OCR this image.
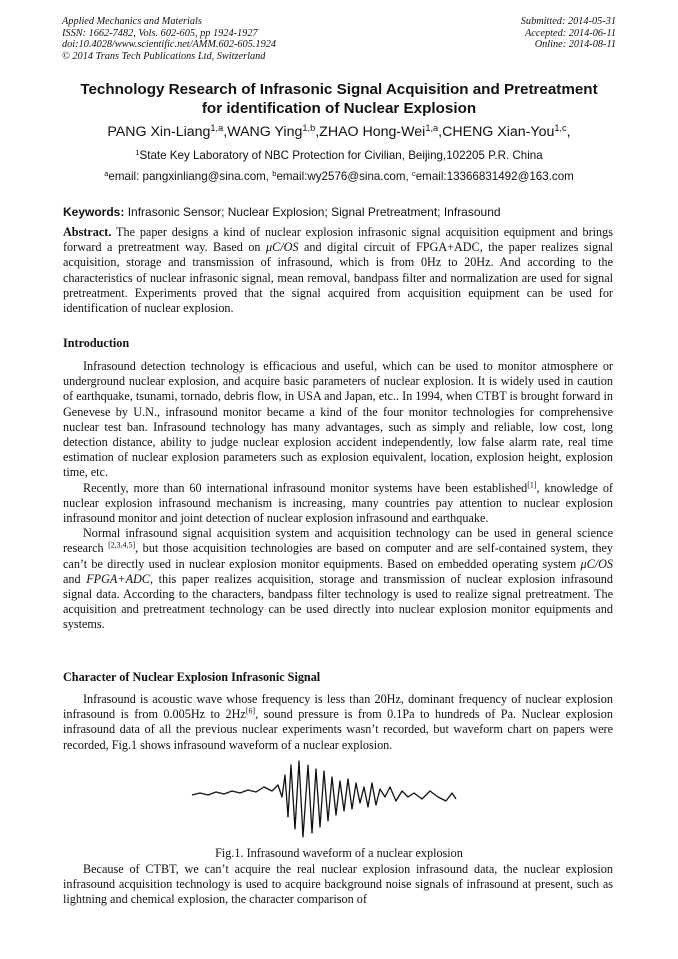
Applied Mechanics and Materials
ISSN: 1662-7482, Vols. 602-605, pp 1924-1927
doi:10.4028/www.scientific.net/AMM.602-605.1924
© 2014 Trans Tech Publications Ltd, Switzerland
Submitted: 2014-05-31
Accepted: 2014-06-11
Online: 2014-08-11
Technology Research of Infrasonic Signal Acquisition and Pretreatment
for identification of Nuclear Explosion
PANG Xin-Liang$^{1,a}$,WANG Ying$^{1,b}$,ZHAO Hong-Wei$^{1,a}$,CHENG Xian-You$^{1,c}$,
$^1$State Key Laboratory of NBC Protection for Civilian, Beijing,102205 P.R. China
$^a$email: pangxinliang@sina.com, $^b$email:wy2576@sina.com, $^c$email:13366831492@163.com
Keywords: Infrasonic Sensor; Nuclear Explosion; Signal Pretreatment; Infrasound

Abstract. The paper designs a kind of nuclear explosion infrasonic signal acquisition equipment and brings forward a pretreatment way. Based on μC/OS and digital circuit of FPGA+ADC, the paper realizes signal acquisition, storage and transmission of infrasound, which is from 0Hz to 20Hz. And according to the characteristics of nuclear infrasonic signal, mean removal, bandpass filter and normalization are used for signal pretreatment. Experiments proved that the signal acquired from acquisition equipment can be used for identification of nuclear explosion.

Introduction

Infrasound detection technology is efficacious and useful, which can be used to monitor atmosphere or underground nuclear explosion, and acquire basic parameters of nuclear explosion. It is widely used in caution of earthquake, tsunami, tornado, debris flow, in USA and Japan, etc.. In 1994, when CTBT is brought forward in Genevese by U.N., infrasound monitor became a kind of the four monitor technologies for comprehensive nuclear test ban. Infrasound technology has many advantages, such as simply and reliable, low cost, long detection distance, ability to judge nuclear explosion accident independently, low false alarm rate, real time estimation of nuclear explosion parameters such as explosion equivalent, location, explosion height, explosion time, etc.

Recently, more than 60 international infrasound monitor systems have been established[1], knowledge of nuclear explosion infrasound mechanism is increasing, many countries pay attention to nuclear explosion infrasound monitor and joint detection of nuclear explosion infrasound and earthquake.

Normal infrasound signal acquisition system and acquisition technology can be used in general science research [2,3,4,5], but those acquisition technologies are based on computer and are self-contained system, they can’t be directly used in nuclear explosion monitor equipments. Based on embedded operating system μC/OS and FPGA+ADC, this paper realizes acquisition, storage and transmission of nuclear explosion infrasound signal data. According to the characters, bandpass filter technology is used to realize signal pretreatment. The acquisition and pretreatment technology can be used directly into nuclear explosion monitor equipments and systems.

Character of Nuclear Explosion Infrasonic Signal

Infrasound is acoustic wave whose frequency is less than 20Hz, dominant frequency of nuclear explosion infrasound is from 0.005Hz to 2Hz[6], sound pressure is from 0.1Pa to hundreds of Pa. Nuclear explosion infrasound data of all the previous nuclear experiments wasn’t recorded, but waveform chart on papers were recorded, Fig.1 shows infrasound waveform of a nuclear explosion.

Fig.1. Infrasound waveform of a nuclear explosion

Because of CTBT, we can’t acquire the real nuclear explosion infrasound data, the nuclear explosion infrasound acquisition technology is used to acquire background noise signals of infrasound at present, such as lightning and chemical explosion, the character comparison of
